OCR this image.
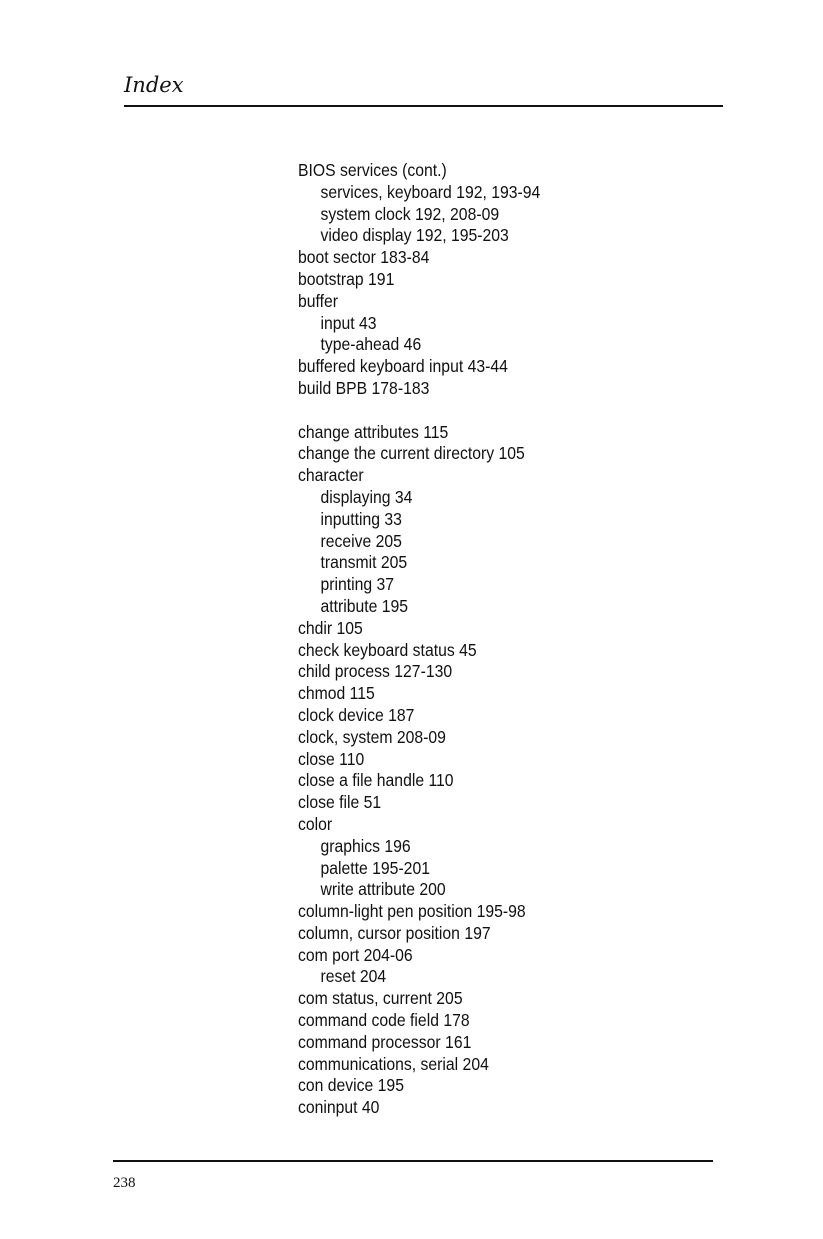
Index
BIOS services (cont.)
services, keyboard 192, 193-94
system clock 192, 208-09
video display 192, 195-203
boot sector 183-84
bootstrap 191
buffer
input 43
type-ahead 46
buffered keyboard input 43-44
build BPB 178-183
change attributes 115
change the current directory 105
character
displaying 34
inputting 33
receive 205
transmit 205
printing 37
attribute 195
chdir 105
check keyboard status 45
child process 127-130
chmod 115
clock device 187
clock, system 208-09
close 110
close a file handle 110
close file 51
color
graphics 196
palette 195-201
write attribute 200
column-light pen position 195-98
column, cursor position 197
com port 204-06
reset 204
com status, current 205
command code field 178
command processor 161
communications, serial 204
con device 195
coninput 40
238
